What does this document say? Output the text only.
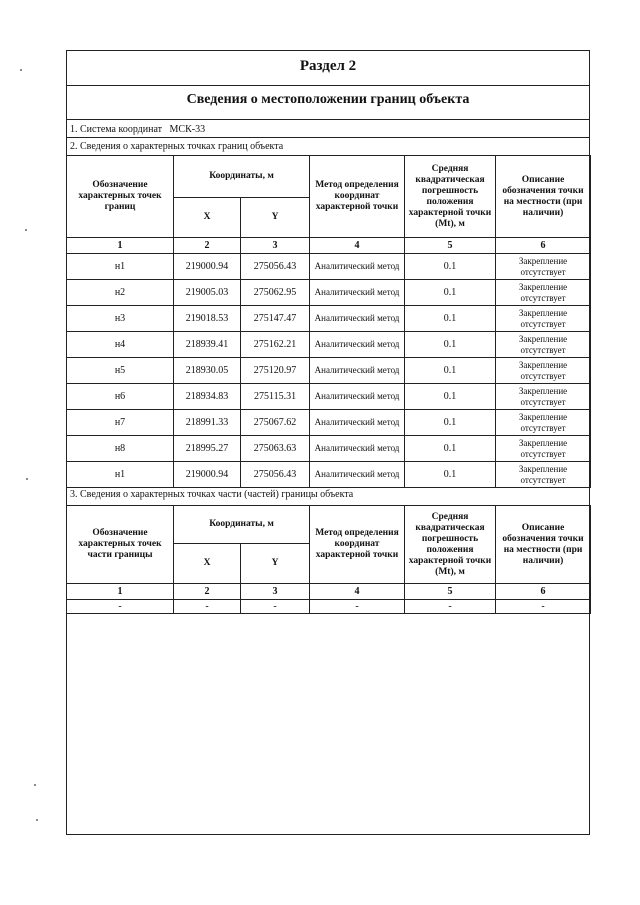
Раздел 2
Сведения о местоположении границ объекта
1. Система координат МСК-33
2. Сведения о характерных точках границ объекта
Обозначение характерных точек границ	Координаты, м		Метод определения координат характерной точки	Средняя квадратическая погрешность положения характерной точки (Mt), м	Описание обозначения точки на местности (при наличии)
	X	Y			
1	2	3	4	5	6
н1	219000.94	275056.43	Аналитический метод	0.1	Закрепление отсутствует
н2	219005.03	275062.95	Аналитический метод	0.1	Закрепление отсутствует
н3	219018.53	275147.47	Аналитический метод	0.1	Закрепление отсутствует
н4	218939.41	275162.21	Аналитический метод	0.1	Закрепление отсутствует
н5	218930.05	275120.97	Аналитический метод	0.1	Закрепление отсутствует
н6	218934.83	275115.31	Аналитический метод	0.1	Закрепление отсутствует
н7	218991.33	275067.62	Аналитический метод	0.1	Закрепление отсутствует
н8	218995.27	275063.63	Аналитический метод	0.1	Закрепление отсутствует
н1	219000.94	275056.43	Аналитический метод	0.1	Закрепление отсутствует
3. Сведения о характерных точках части (частей) границы объекта
Обозначение характерных точек части границы	Координаты, м		Метод определения координат характерной точки	Средняя квадратическая погрешность положения характерной точки (Mt), м	Описание обозначения точки на местности (при наличии)
	X	Y			
1	2	3	4	5	6
-	-	-	-	-	-
